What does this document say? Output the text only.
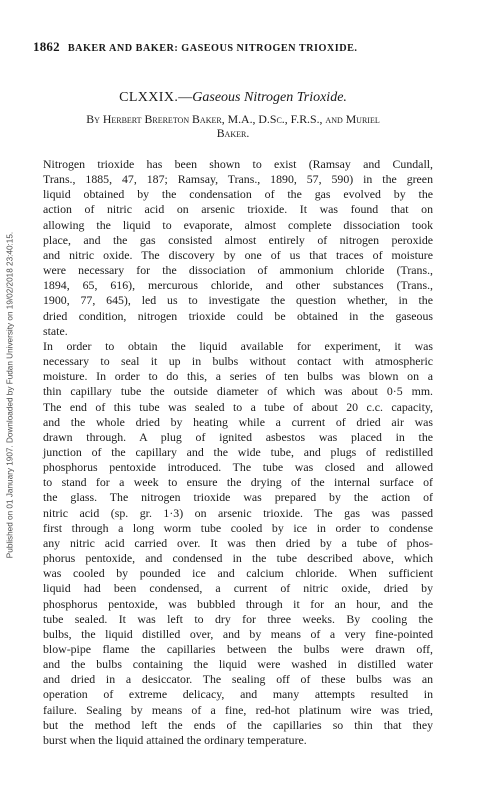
Published on 01 January 1907. Downloaded by Fudan University on 19/02/2018 23:40:15.
1862 BAKER AND BAKER: GASEOUS NITROGEN TRIOXIDE.
CLXXIX.—Gaseous Nitrogen Trioxide.
By Herbert Brereton Baker, M.A., D.Sc., F.R.S., and Muriel
Baker.

Nitrogen trioxide has been shown to exist (Ramsay and Cundall,
Trans., 1885, 47, 187; Ramsay, Trans., 1890, 57, 590) in the green
liquid obtained by the condensation of the gas evolved by the
action of nitric acid on arsenic trioxide. It was found that on
allowing the liquid to evaporate, almost complete dissociation took
place, and the gas consisted almost entirely of nitrogen peroxide
and nitric oxide. The discovery by one of us that traces of moisture
were necessary for the dissociation of ammonium chloride (Trans.,
1894, 65, 616), mercurous chloride, and other substances (Trans.,
1900, 77, 645), led us to investigate the question whether, in the
dried condition, nitrogen trioxide could be obtained in the gaseous
state.

In order to obtain the liquid available for experiment, it was
necessary to seal it up in bulbs without contact with atmospheric
moisture. In order to do this, a series of ten bulbs was blown on a
thin capillary tube the outside diameter of which was about 0·5 mm.
The end of this tube was sealed to a tube of about 20 c.c. capacity,
and the whole dried by heating while a current of dried air was
drawn through. A plug of ignited asbestos was placed in the
junction of the capillary and the wide tube, and plugs of redistilled
phosphorus pentoxide introduced. The tube was closed and allowed
to stand for a week to ensure the drying of the internal surface of
the glass. The nitrogen trioxide was prepared by the action of
nitric acid (sp. gr. 1·3) on arsenic trioxide. The gas was passed
first through a long worm tube cooled by ice in order to condense
any nitric acid carried over. It was then dried by a tube of phos-
phorus pentoxide, and condensed in the tube described above, which
was cooled by pounded ice and calcium chloride. When sufficient
liquid had been condensed, a current of nitric oxide, dried by
phosphorus pentoxide, was bubbled through it for an hour, and the
tube sealed. It was left to dry for three weeks. By cooling the
bulbs, the liquid distilled over, and by means of a very fine-pointed
blow-pipe flame the capillaries between the bulbs were drawn off,
and the bulbs containing the liquid were washed in distilled water
and dried in a desiccator. The sealing off of these bulbs was an
operation of extreme delicacy, and many attempts resulted in
failure. Sealing by means of a fine, red-hot platinum wire was tried,
but the method left the ends of the capillaries so thin that they
burst when the liquid attained the ordinary temperature.
